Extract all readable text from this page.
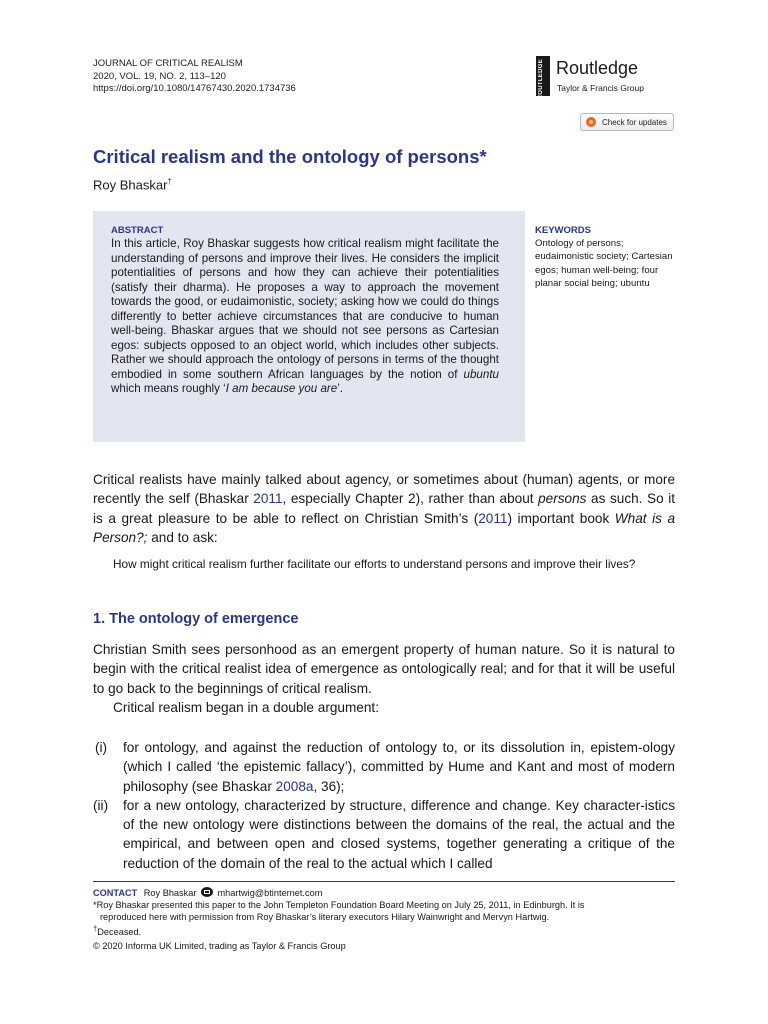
JOURNAL OF CRITICAL REALISM
2020, VOL. 19, NO. 2, 113–120
https://doi.org/10.1080/14767430.2020.1734736	ROUTLEDGE Routledge
Taylor & Francis Group
Check for updates
Critical realism and the ontology of persons*
Roy Bhaskar†
ABSTRACT
In this article, Roy Bhaskar suggests how critical realism might facilitate the understanding of persons and improve their lives. He considers the implicit potentialities of persons and how they can achieve their potentialities (satisfy their dharma). He proposes a way to approach the movement towards the good, or eudaimonistic, society; asking how we could do things differently to better achieve circumstances that are conducive to human well-being. Bhaskar argues that we should not see persons as Cartesian egos: subjects opposed to an object world, which includes other subjects. Rather we should approach the ontology of persons in terms of the thought embodied in some southern African languages by the notion of ubuntu which means roughly ‘I am because you are’.
KEYWORDS
Ontology of persons; eudaimonistic society; Cartesian egos; human well-being; four planar social being; ubuntu
Critical realists have mainly talked about agency, or sometimes about (human) agents, or more recently the self (Bhaskar 2011, especially Chapter 2), rather than about persons as such. So it is a great pleasure to be able to reflect on Christian Smith’s (2011) important book What is a Person?; and to ask:
How might critical realism further facilitate our efforts to understand persons and improve their lives?
1. The ontology of emergence
Christian Smith sees personhood as an emergent property of human nature. So it is natural to begin with the critical realist idea of emergence as ontologically real; and for that it will be useful to go back to the beginnings of critical realism.
Critical realism began in a double argument:
(i) for ontology, and against the reduction of ontology to, or its dissolution in, epistem-ology (which I called ‘the epistemic fallacy’), committed by Hume and Kant and most of modern philosophy (see Bhaskar 2008a, 36);
(ii) for a new ontology, characterized by structure, difference and change. Key character-istics of the new ontology were distinctions between the domains of the real, the actual and the empirical, and between open and closed systems, together generating a critique of the reduction of the domain of the real to the actual which I called
CONTACT Roy Bhaskar mhartwig@btinternet.com
*Roy Bhaskar presented this paper to the John Templeton Foundation Board Meeting on July 25, 2011, in Edinburgh. It is
reproduced here with permission from Roy Bhaskar’s literary executors Hilary Wainwright and Mervyn Hartwig.
†Deceased.
© 2020 Informa UK Limited, trading as Taylor & Francis Group
